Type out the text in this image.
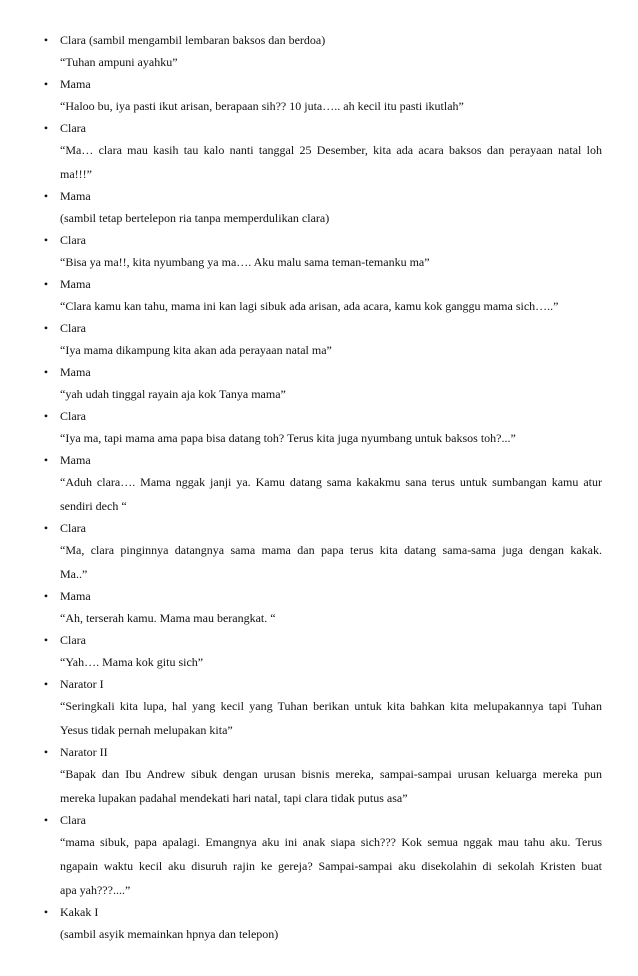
• Clara (sambil mengambil lembaran baksos dan berdoa)
“Tuhan ampuni ayahku”
• Mama
“Haloo bu, iya pasti ikut arisan, berapaan sih?? 10 juta….. ah kecil itu pasti ikutlah”
• Clara
“Ma… clara mau kasih tau kalo nanti tanggal 25 Desember, kita ada acara baksos dan perayaan natal loh
ma!!!”
• Mama
(sambil tetap bertelepon ria tanpa memperdulikan clara)
• Clara
“Bisa ya ma!!, kita nyumbang ya ma…. Aku malu sama teman-temanku ma”
• Mama
“Clara kamu kan tahu, mama ini kan lagi sibuk ada arisan, ada acara, kamu kok ganggu mama sich…..”
• Clara
“Iya mama dikampung kita akan ada perayaan natal ma”
• Mama
“yah udah tinggal rayain aja kok Tanya mama”
• Clara
“Iya ma, tapi mama ama papa bisa datang toh? Terus kita juga nyumbang untuk baksos toh?...”
• Mama
“Aduh clara…. Mama nggak janji ya. Kamu datang sama kakakmu sana terus untuk sumbangan kamu atur
sendiri dech “
• Clara
“Ma, clara pinginnya datangnya sama mama dan papa terus kita datang sama-sama juga dengan kakak.
Ma..”
• Mama
“Ah, terserah kamu. Mama mau berangkat. “
• Clara
“Yah…. Mama kok gitu sich”
• Narator I
“Seringkali kita lupa, hal yang kecil yang Tuhan berikan untuk kita bahkan kita melupakannya tapi Tuhan
Yesus tidak pernah melupakan kita”
• Narator II
“Bapak dan Ibu Andrew sibuk dengan urusan bisnis mereka, sampai-sampai urusan keluarga mereka pun
mereka lupakan padahal mendekati hari natal, tapi clara tidak putus asa”
• Clara
“mama sibuk, papa apalagi. Emangnya aku ini anak siapa sich??? Kok semua nggak mau tahu aku. Terus
ngapain waktu kecil aku disuruh rajin ke gereja? Sampai-sampai aku disekolahin di sekolah Kristen buat
apa yah???....”
• Kakak I
(sambil asyik memainkan hpnya dan telepon)
